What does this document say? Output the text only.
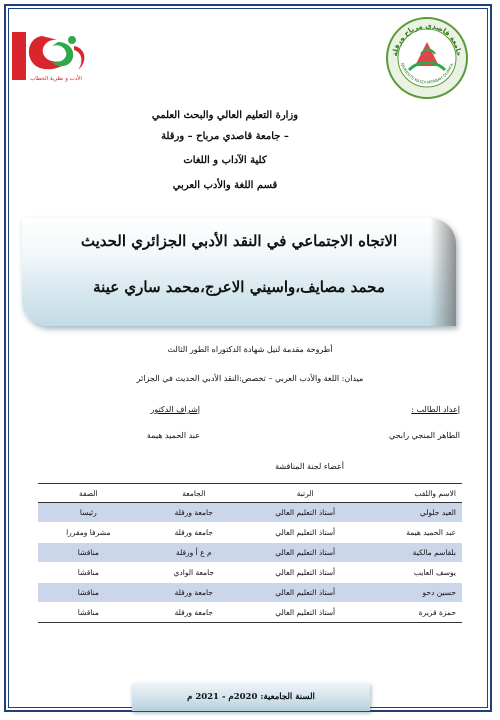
الأدب و نظرية الخطاب
جامعة قاصدي مرباح ورقلة
NIVERSITE KASDI MERBAH OUARGL
وزارة التعليم العالي والبحث العلمي
جامعة قاصدي مرباح – ورقلة –
كلية الآداب و اللغات
قسم اللغة والأدب العربي
الاتجاه الاجتماعي في النقد الأدبي الجزائري الحديث
محمد مصايف،واسيني الاعرج،محمد ساري عينة
أطروحة مقدمة لنيل شهادة الدكتوراه الطور الثالث
ميدان: اللغة والأدب العربي – تخصص:النقد الأدبي الحديث في الجزائر
إعداد الطالب :
الطاهر المنجي رابحي
إشراف الدكتور
عبد الحميد هيمة
أعضاء لجنة المناقشة
الاسم واللقب	الرتبة	الجامعة	الصفة
العيد جلولي	أستاذ التعليم العالي	جامعة ورقلة	رئيسا
عبد الحميد هيمة	أستاذ التعليم العالي	جامعة ورقلة	مشرفا ومقررا
بلقاسم مالكية	أستاذ التعليم العالي	م ع أ ورقلة	مناقشا
يوسف العايب	أستاذ التعليم العالي	جامعة الوادي	مناقشا
حسين دحو	أستاذ التعليم العالي	جامعة ورقلة	مناقشا
حمزة قريرة	أستاذ التعليم العالي	جامعة ورقلة	مناقشا
السنة الجامعية: 2020م - 2021 م
